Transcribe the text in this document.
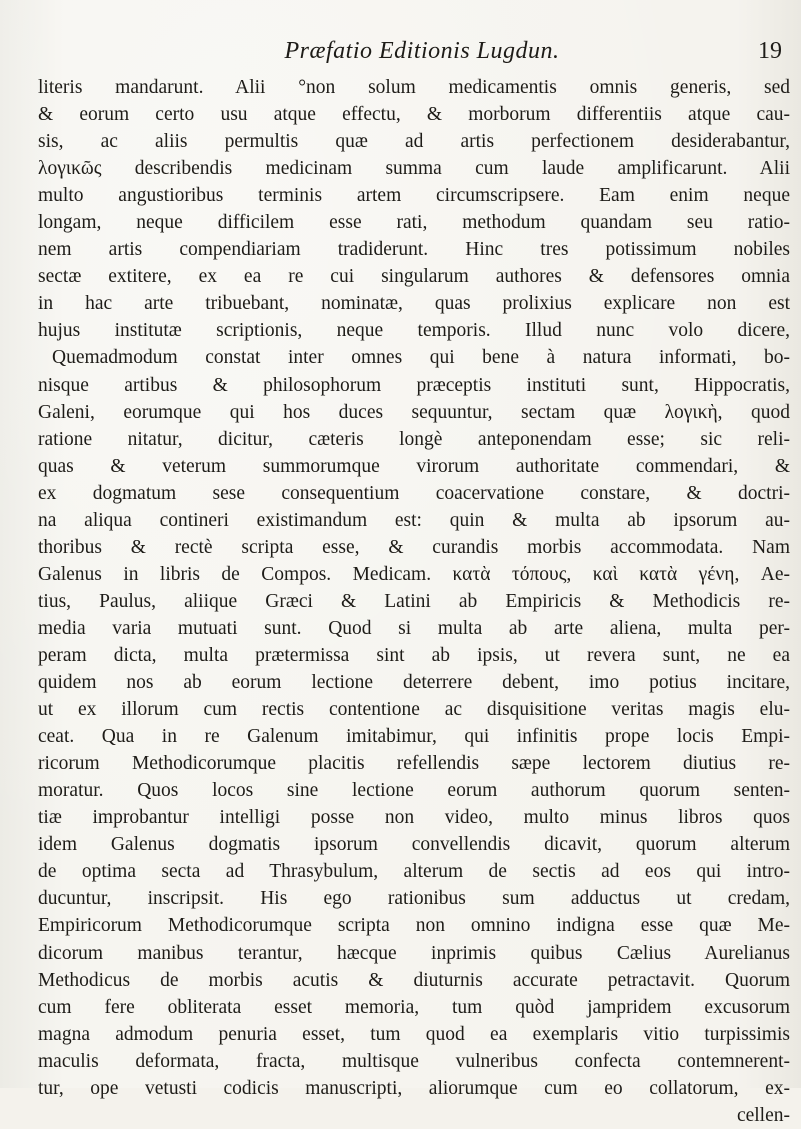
Præfatio Editionis Lugdun.	19
literis mandarunt. Alii °non solum medicamentis omnis generis, sed
& eorum certo usu atque effectu, & morborum differentiis atque cau-
sis, ac aliis permultis quæ ad artis perfectionem desiderabantur,
λογικῶς describendis medicinam summa cum laude amplificarunt. Alii
multo angustioribus terminis artem circumscripsere. Eam enim neque
longam, neque difficilem esse rati, methodum quandam seu ratio-
nem artis compendiariam tradiderunt. Hinc tres potissimum nobiles
sectæ extitere, ex ea re cui singularum authores & defensores omnia
in hac arte tribuebant, nominatæ, quas prolixius explicare non est
hujus institutæ scriptionis, neque temporis. Illud nunc volo dicere,
Quemadmodum constat inter omnes qui bene à natura informati, bo-
nisque artibus & philosophorum præceptis instituti sunt, Hippocratis,
Galeni, eorumque qui hos duces sequuntur, sectam quæ λογικὴ, quod
ratione nitatur, dicitur, cæteris longè anteponendam esse; sic reli-
quas & veterum summorumque virorum authoritate commendari, &
ex dogmatum sese consequentium coacervatione constare, & doctri-
na aliqua contineri existimandum est: quin & multa ab ipsorum au-
thoribus & rectè scripta esse, & curandis morbis accommodata. Nam
Galenus in libris de Compos. Medicam. κατὰ τόπους, καὶ κατὰ γένη, Ae-
tius, Paulus, aliique Græci & Latini ab Empiricis & Methodicis re-
media varia mutuati sunt. Quod si multa ab arte aliena, multa per-
peram dicta, multa prætermissa sint ab ipsis, ut revera sunt, ne ea
quidem nos ab eorum lectione deterrere debent, imo potius incitare,
ut ex illorum cum rectis contentione ac disquisitione veritas magis elu-
ceat. Qua in re Galenum imitabimur, qui infinitis prope locis Empi-
ricorum Methodicorumque placitis refellendis sæpe lectorem diutius re-
moratur. Quos locos sine lectione eorum authorum quorum senten-
tiæ improbantur intelligi posse non video, multo minus libros quos
idem Galenus dogmatis ipsorum convellendis dicavit, quorum alterum
de optima secta ad Thrasybulum, alterum de sectis ad eos qui intro-
ducuntur, inscripsit. His ego rationibus sum adductus ut credam,
Empiricorum Methodicorumque scripta non omnino indigna esse quæ Me-
dicorum manibus terantur, hæcque inprimis quibus Cælius Aurelianus
Methodicus de morbis acutis & diuturnis accurate petractavit. Quorum
cum fere obliterata esset memoria, tum quòd jampridem excusorum
magna admodum penuria esset, tum quod ea exemplaris vitio turpissimis
maculis deformata, fracta, multisque vulneribus confecta contemnerent-
tur, ope vetusti codicis manuscripti, aliorumque cum eo collatorum, ex-
cellen-
